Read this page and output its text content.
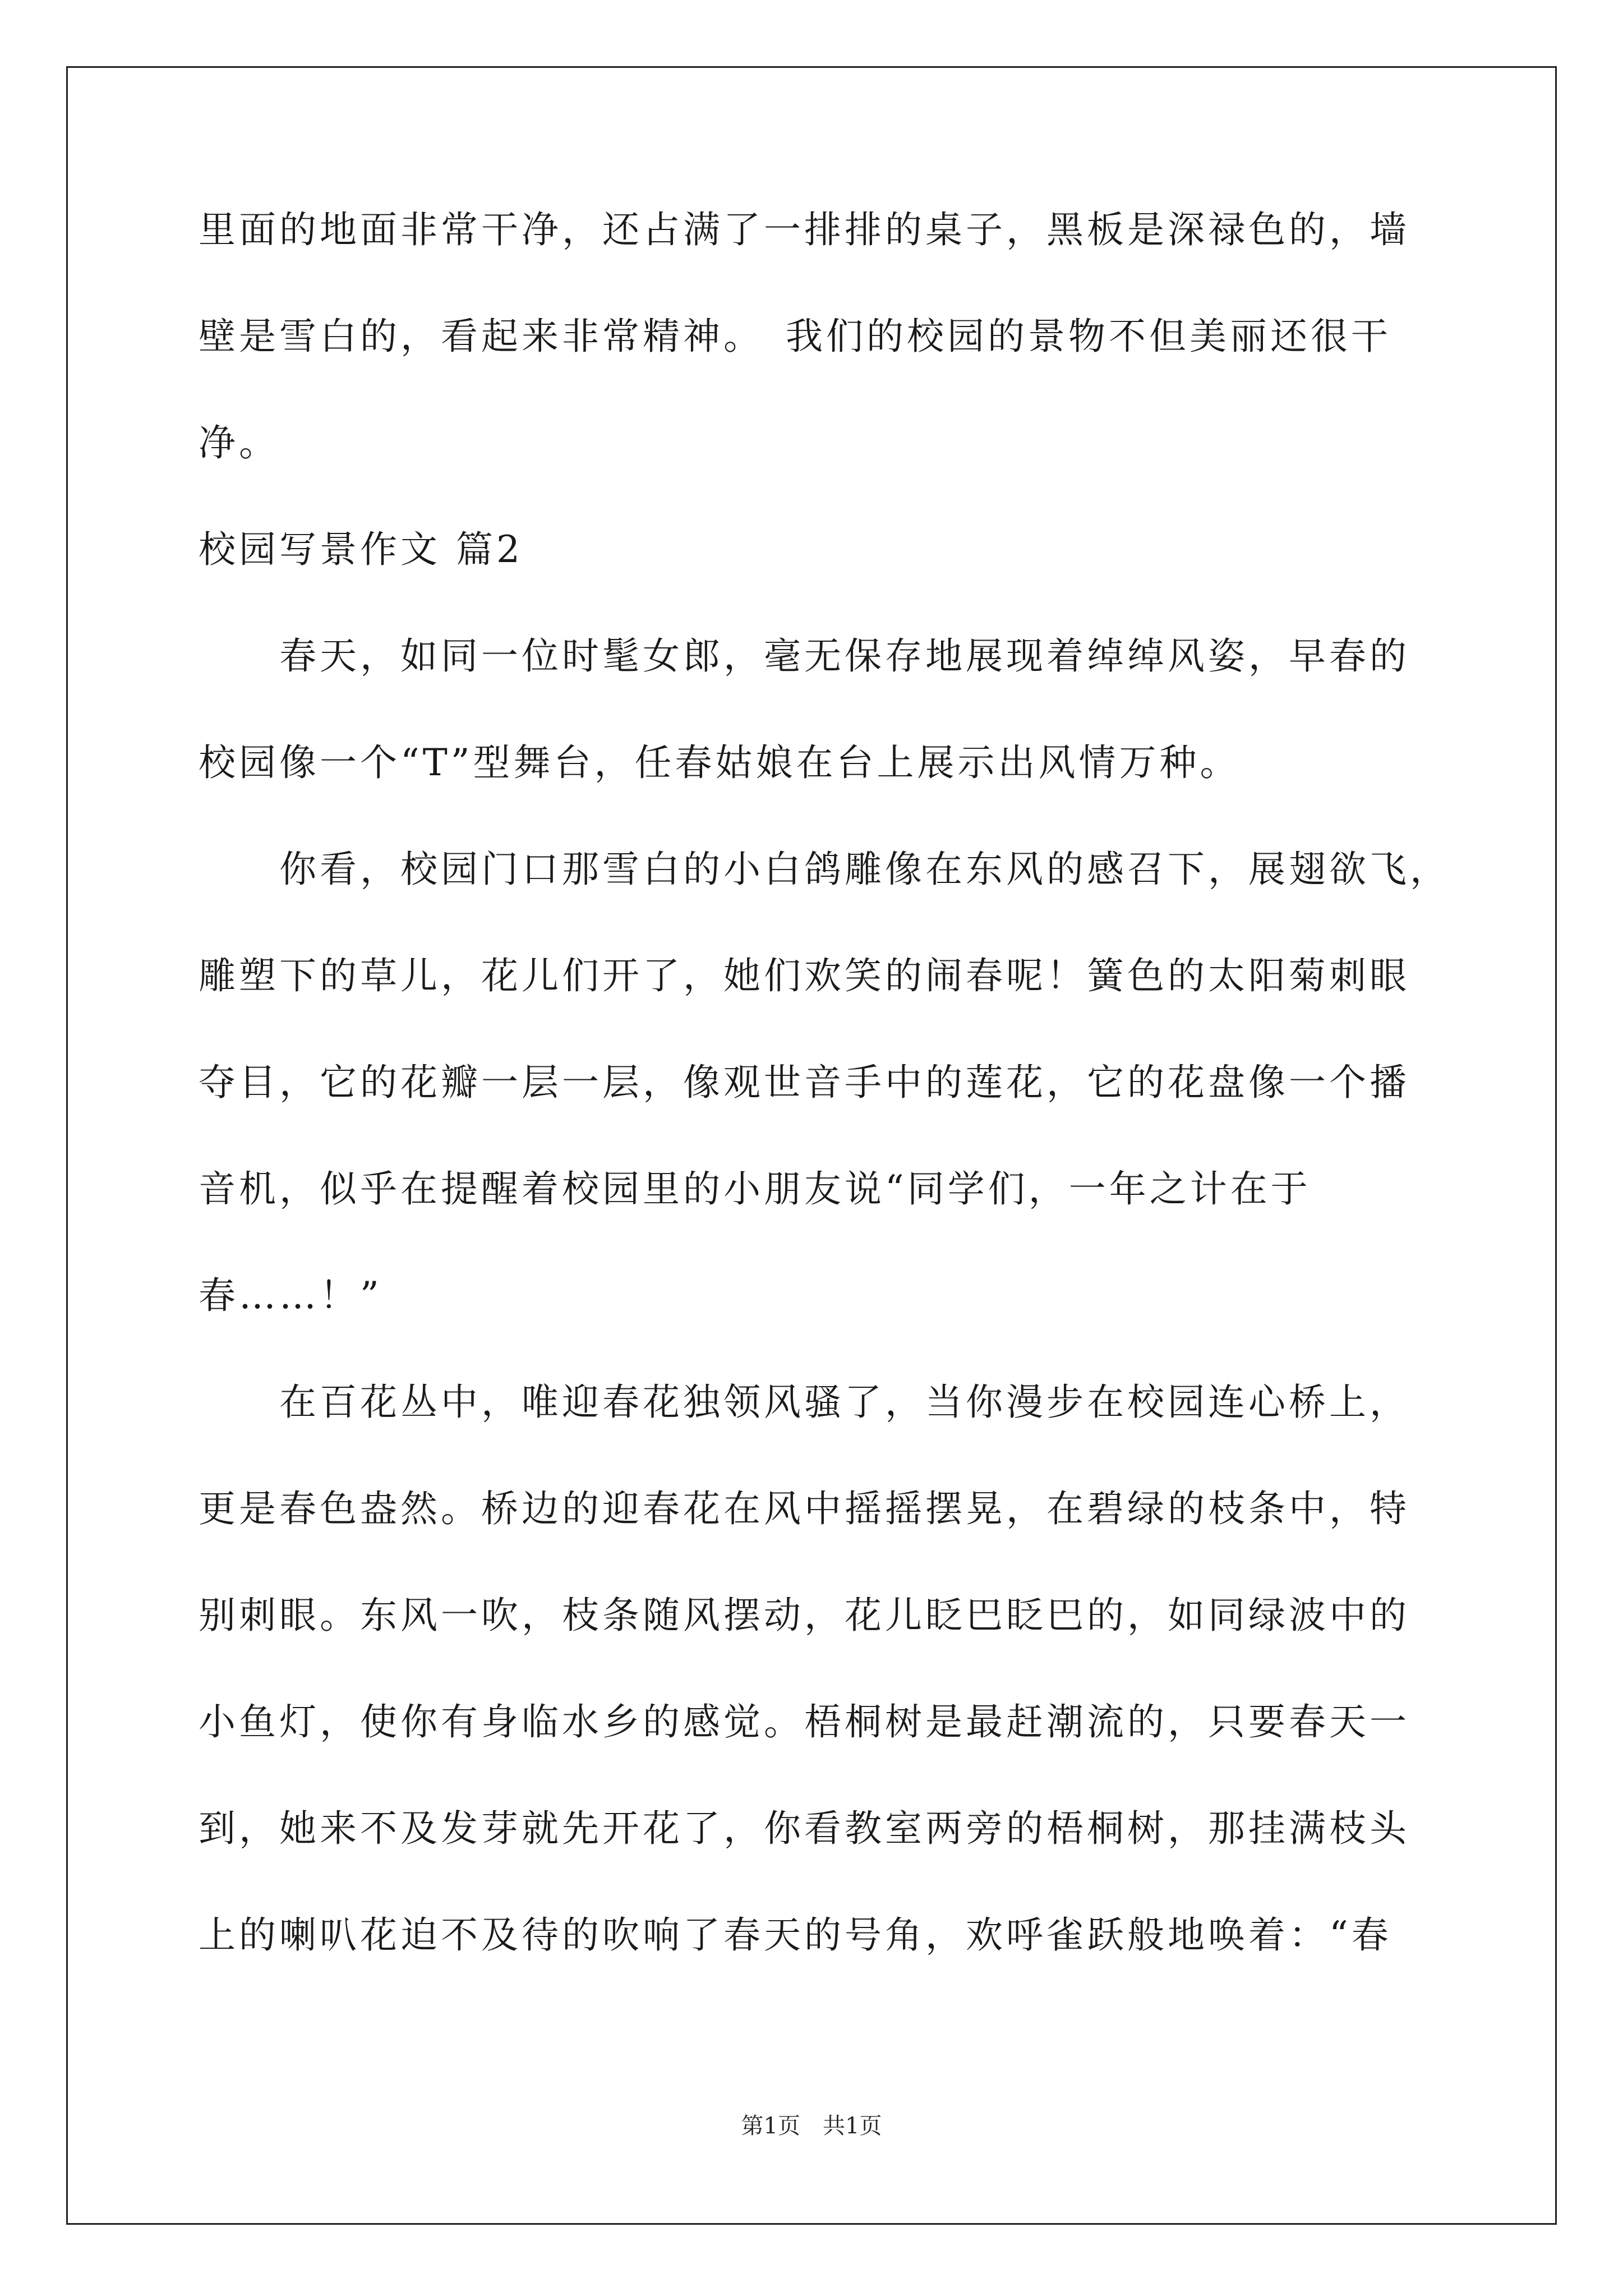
里面的地面非常干净，还占满了一排排的桌子，黑板是深禄色的，墙
壁是雪白的，看起来非常精神。　我们的校园的景物不但美丽还很干
净。
校园写景作文 篇2
　　春天，如同一位时髦女郎，毫无保存地展现着绰绰风姿，早春的
校园像一个“T”型舞台，任春姑娘在台上展示出风情万种。
　　你看，校园门口那雪白的小白鸽雕像在东风的感召下，展翅欲飞，
雕塑下的草儿，花儿们开了，她们欢笑的闹春呢！簧色的太阳菊刺眼
夺目，它的花瓣一层一层，像观世音手中的莲花，它的花盘像一个播
音机，似乎在提醒着校园里的小朋友说“同学们，一年之计在于
春……！”
　　在百花丛中，唯迎春花独领风骚了，当你漫步在校园连心桥上，
更是春色盎然。桥边的迎春花在风中摇摇摆晃，在碧绿的枝条中，特
别刺眼。东风一吹，枝条随风摆动，花儿眨巴眨巴的，如同绿波中的
小鱼灯，使你有身临水乡的感觉。梧桐树是最赶潮流的，只要春天一
到，她来不及发芽就先开花了，你看教室两旁的梧桐树，那挂满枝头
上的喇叭花迫不及待的吹响了春天的号角，欢呼雀跃般地唤着：“春
第1页　共1页
